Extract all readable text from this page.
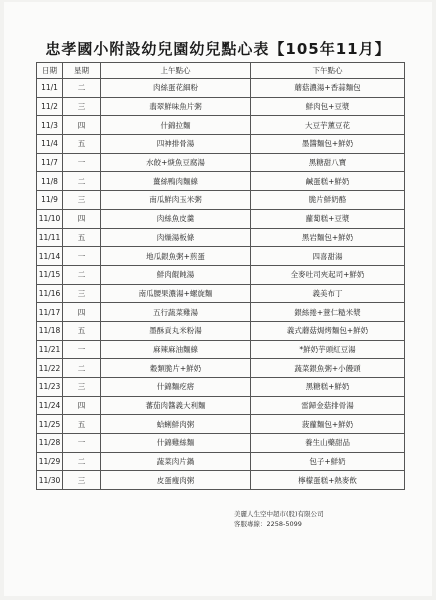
忠孝國小附設幼兒園幼兒點心表【105年11月】
日期	星期	上午點心	下午點心
11/1	二	肉絲蛋花細粉	蘑菇濃湯+香蒜麵包
11/2	三	翡翠鮮味魚片粥	鮮肉包+豆漿
11/3	四	什錦拉麵	大豆芋薰豆花
11/4	五	四神排骨湯	墨醬麵包+鮮奶
11/7	一	水餃+焿魚豆腐湯	黑糖甜八寶
11/8	二	薑絲鴨肉麵線	鹹蛋糕+鮮奶
11/9	三	南瓜鮮肉玉米粥	脆片鮮奶酪
11/10	四	肉絲魚皮羹	蘿蔔糕+豆漿
11/11	五	肉燥湯板條	黑岩麵包+鮮奶
11/14	一	地瓜銀魚粥+煎蛋	四喜甜湯
11/15	二	鮮肉餛飩湯	全麥吐司夾起司+鮮奶
11/16	三	南瓜腰果濃湯+螺旋麵	義美布丁
11/17	四	五行蔬菜雞湯	銀絲捲+薏仁糙米漿
11/18	五	墨酥貢丸米粉湯	義式蘑菇焗烤麵包+鮮奶
11/21	一	麻辣麻油麵線	*鮮奶芋頭紅豆湯
11/22	二	穀類脆片+鮮奶	蔬菜銀魚粥+小饅頭
11/23	三	什錦麵疙瘩	黑糖糕+鮮奶
11/24	四	蕃茄肉醬義大利麵	雷歸金菇排骨湯
11/25	五	蛤蜊鮮肉粥	菠蘿麵包+鮮奶
11/28	一	什錦雞絲麵	養生山藥甜品
11/29	二	蔬菜肉片鍋	包子+鮮奶
11/30	三	皮蛋瘦肉粥	檸檬蛋糕+熱麥飲
美麗人生空中超市(股)有限公司
客服專線：2258-5099
